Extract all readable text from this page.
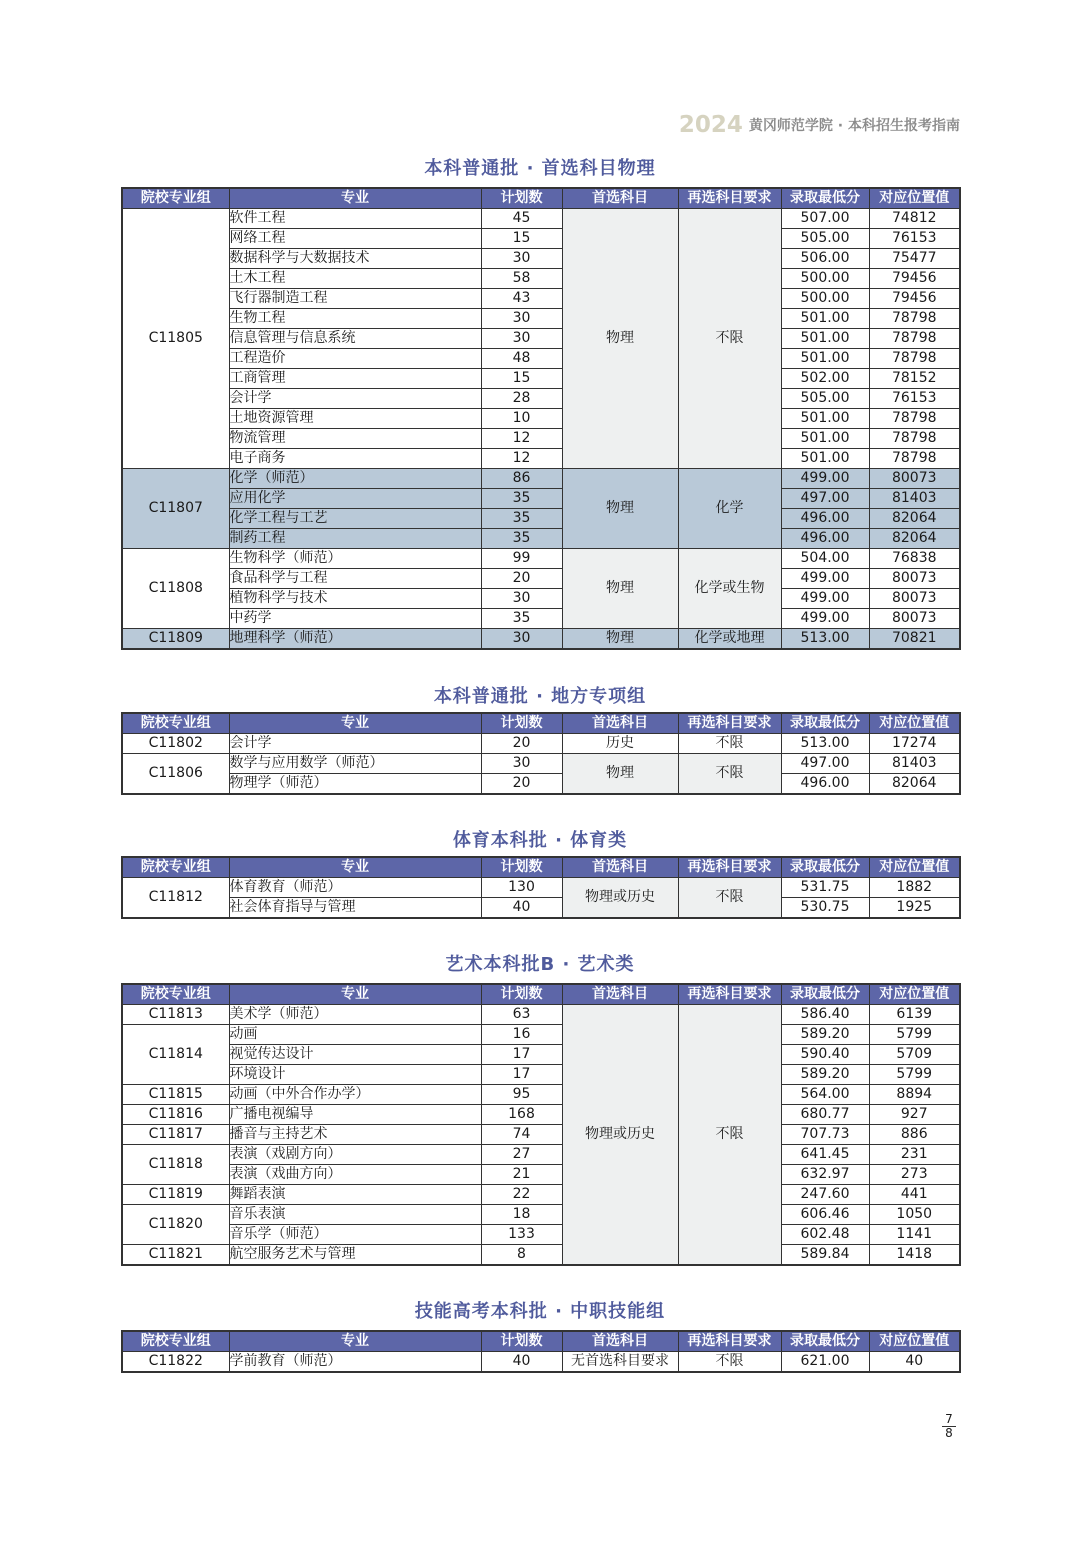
2024 黄冈师范学院 · 本科招生报考指南
本科普通批 · 首选科目物理
院校专业组	专业	计划数	首选科目	再选科目要求	录取最低分	对应位置值
C11805	软件工程	45	物理	不限	507.00	74812
	网络工程	15			505.00	76153
	数据科学与大数据技术	30			506.00	75477
	土木工程	58			500.00	79456
	飞行器制造工程	43			500.00	79456
	生物工程	30			501.00	78798
	信息管理与信息系统	30			501.00	78798
	工程造价	48			501.00	78798
	工商管理	15			502.00	78152
	会计学	28			505.00	76153
	土地资源管理	10			501.00	78798
	物流管理	12			501.00	78798
	电子商务	12			501.00	78798
C11807	化学（师范）	86	物理	化学	499.00	80073
	应用化学	35			497.00	81403
	化学工程与工艺	35			496.00	82064
	制药工程	35			496.00	82064
C11808	生物科学（师范）	99	物理	化学或生物	504.00	76838
	食品科学与工程	20			499.00	80073
	植物科学与技术	30			499.00	80073
	中药学	35			499.00	80073
C11809	地理科学（师范）	30	物理	化学或地理	513.00	70821
本科普通批 · 地方专项组
院校专业组	专业	计划数	首选科目	再选科目要求	录取最低分	对应位置值
C11802	会计学	20	历史	不限	513.00	17274
C11806	数学与应用数学（师范）	30	物理	不限	497.00	81403
	物理学（师范）	20			496.00	82064
体育本科批 · 体育类
院校专业组	专业	计划数	首选科目	再选科目要求	录取最低分	对应位置值
C11812	体育教育（师范）	130	物理或历史	不限	531.75	1882
	社会体育指导与管理	40			530.75	1925
艺术本科批B · 艺术类
院校专业组	专业	计划数	首选科目	再选科目要求	录取最低分	对应位置值
C11813	美术学（师范）	63	物理或历史	不限	586.40	6139
C11814	动画	16			589.20	5799
	视觉传达设计	17			590.40	5709
	环境设计	17			589.20	5799
C11815	动画（中外合作办学）	95			564.00	8894
C11816	广播电视编导	168			680.77	927
C11817	播音与主持艺术	74			707.73	886
C11818	表演（戏剧方向）	27			641.45	231
	表演（戏曲方向）	21			632.97	273
C11819	舞蹈表演	22			247.60	441
C11820	音乐表演	18			606.46	1050
	音乐学（师范）	133			602.48	1141
C11821	航空服务艺术与管理	8			589.84	1418
技能高考本科批 · 中职技能组
院校专业组	专业	计划数	首选科目	再选科目要求	录取最低分	对应位置值
C11822	学前教育（师范）	40	无首选科目要求	不限	621.00	40
7
8
